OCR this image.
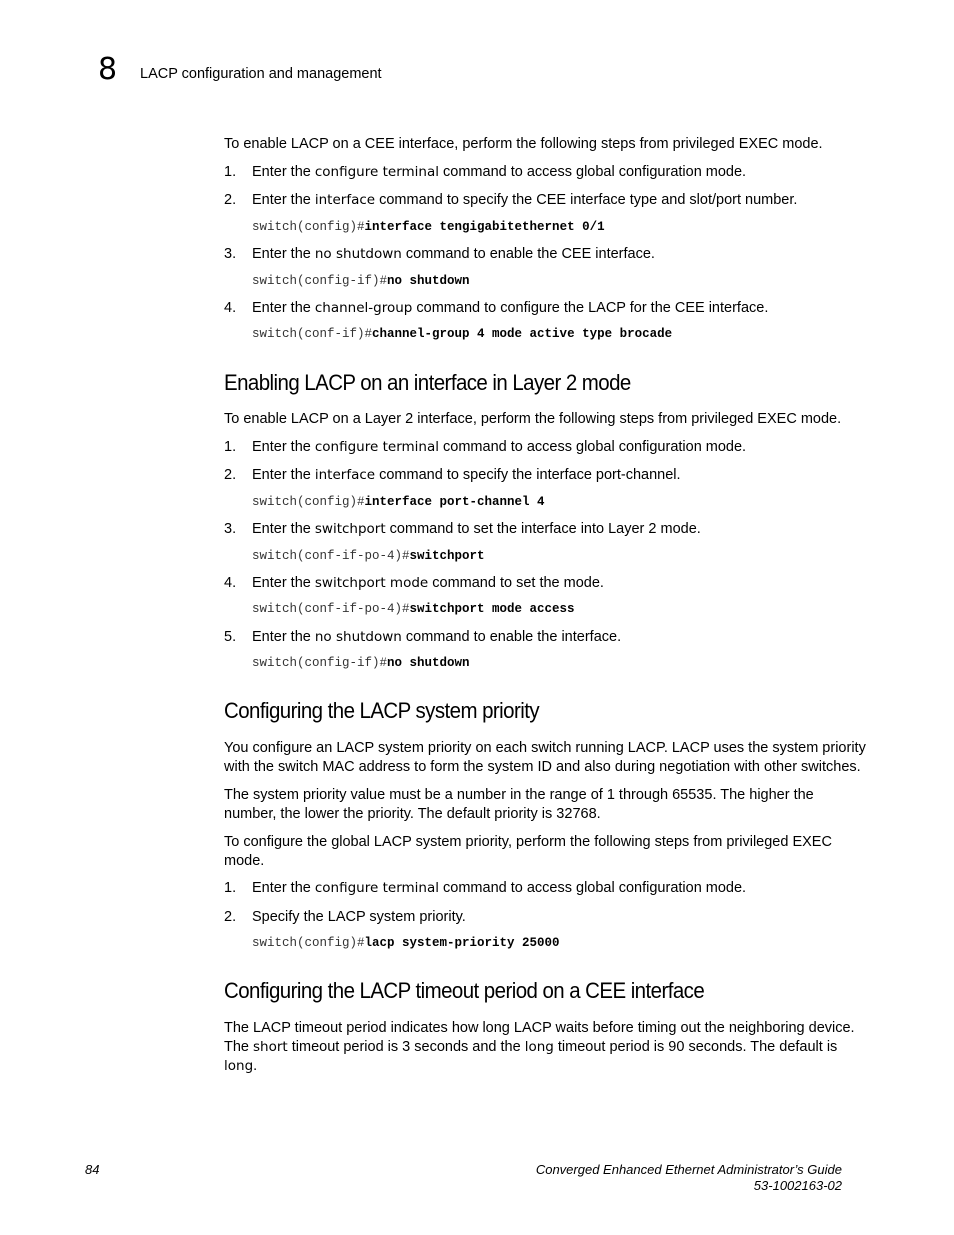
8 LACP configuration and management
To enable LACP on a CEE interface, perform the following steps from privileged EXEC mode.
1. Enter the configure terminal command to access global configuration mode.
2. Enter the interface command to specify the CEE interface type and slot/port number.
switch(config)#interface tengigabitethernet 0/1
3. Enter the no shutdown command to enable the CEE interface.
switch(config-if)#no shutdown
4. Enter the channel-group command to configure the LACP for the CEE interface.
switch(conf-if)#channel-group 4 mode active type brocade
Enabling LACP on an interface in Layer 2 mode
To enable LACP on a Layer 2 interface, perform the following steps from privileged EXEC mode.
1. Enter the configure terminal command to access global configuration mode.
2. Enter the interface command to specify the interface port-channel.
switch(config)#interface port-channel 4
3. Enter the switchport command to set the interface into Layer 2 mode.
switch(conf-if-po-4)#switchport
4. Enter the switchport mode command to set the mode.
switch(conf-if-po-4)#switchport mode access
5. Enter the no shutdown command to enable the interface.
switch(config-if)#no shutdown
Configuring the LACP system priority
You configure an LACP system priority on each switch running LACP. LACP uses the system priority with the switch MAC address to form the system ID and also during negotiation with other switches.
The system priority value must be a number in the range of 1 through 65535. The higher the number, the lower the priority. The default priority is 32768.
To configure the global LACP system priority, perform the following steps from privileged EXEC mode.
1. Enter the configure terminal command to access global configuration mode.
2. Specify the LACP system priority.
switch(config)#lacp system-priority 25000
Configuring the LACP timeout period on a CEE interface
The LACP timeout period indicates how long LACP waits before timing out the neighboring device.
The short timeout period is 3 seconds and the long timeout period is 90 seconds. The default is
long.
84	Converged Enhanced Ethernet Administrator’s Guide
53-1002163-02
